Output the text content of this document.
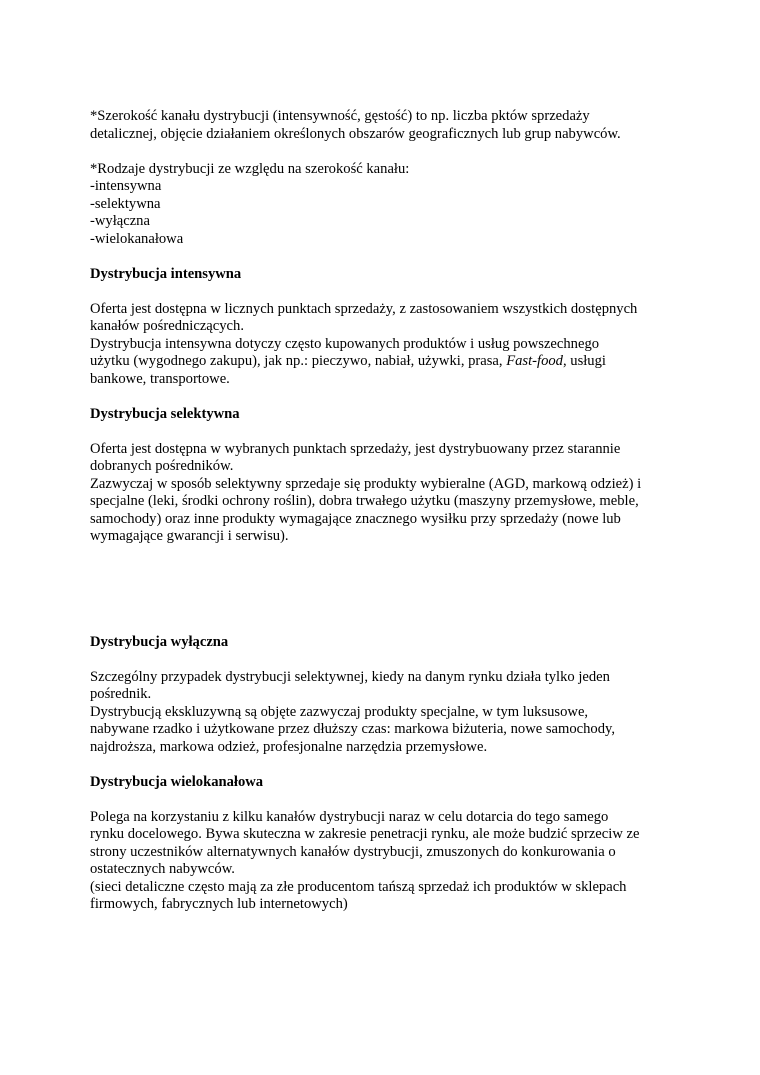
*Szerokość kanału dystrybucji (intensywność, gęstość) to np. liczba pktów sprzedaży
detalicznej, objęcie działaniem określonych obszarów geograficznych lub grup nabywców.
*Rodzaje dystrybucji ze względu na szerokość kanału:
-intensywna
-selektywna
-wyłączna
-wielokanałowa
Dystrybucja intensywna
Oferta jest dostępna w licznych punktach sprzedaży, z zastosowaniem wszystkich dostępnych
kanałów pośredniczących.
Dystrybucja intensywna dotyczy często kupowanych produktów i usług powszechnego
użytku (wygodnego zakupu), jak np.: pieczywo, nabiał, używki, prasa, Fast-food, usługi
bankowe, transportowe.
Dystrybucja selektywna
Oferta jest dostępna w wybranych punktach sprzedaży, jest dystrybuowany przez starannie
dobranych pośredników.
Zazwyczaj w sposób selektywny sprzedaje się produkty wybieralne (AGD, markową odzież) i
specjalne (leki, środki ochrony roślin), dobra trwałego użytku (maszyny przemysłowe, meble,
samochody) oraz inne produkty wymagające znacznego wysiłku przy sprzedaży (nowe lub
wymagające gwarancji i serwisu).
Dystrybucja wyłączna
Szczególny przypadek dystrybucji selektywnej, kiedy na danym rynku działa tylko jeden
pośrednik.
Dystrybucją ekskluzywną są objęte zazwyczaj produkty specjalne, w tym luksusowe,
nabywane rzadko i użytkowane przez dłuższy czas: markowa biżuteria, nowe samochody,
najdroższa, markowa odzież, profesjonalne narzędzia przemysłowe.
Dystrybucja wielokanałowa
Polega na korzystaniu z kilku kanałów dystrybucji naraz w celu dotarcia do tego samego
rynku docelowego. Bywa skuteczna w zakresie penetracji rynku, ale może budzić sprzeciw ze
strony uczestników alternatywnych kanałów dystrybucji, zmuszonych do konkurowania o
ostatecznych nabywców.
(sieci detaliczne często mają za złe producentom tańszą sprzedaż ich produktów w sklepach
firmowych, fabrycznych lub internetowych)
